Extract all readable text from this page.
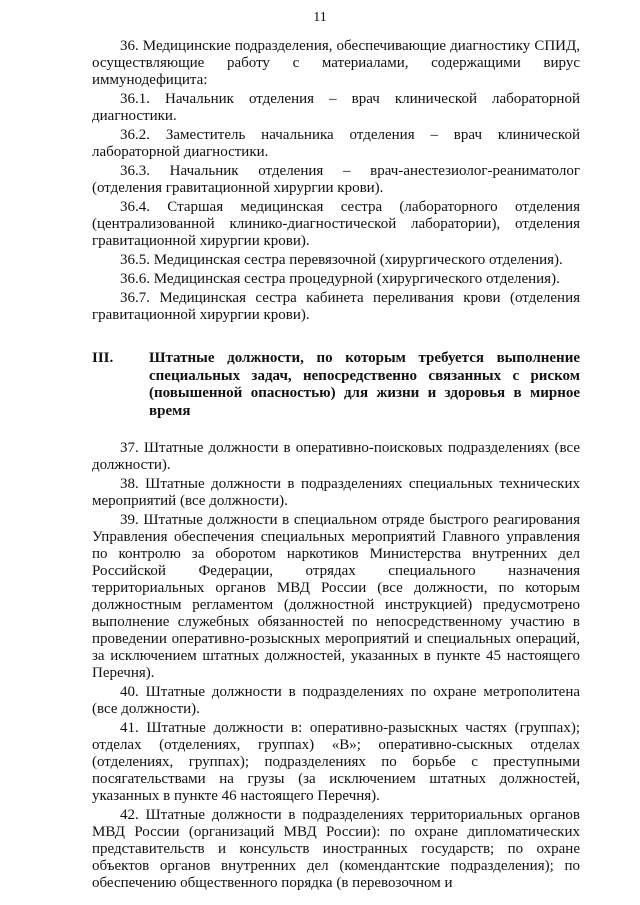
11

36. Медицинские подразделения, обеспечивающие диагностику СПИД, осуществляющие работу с материалами, содержащими вирус иммунодефицита:

36.1. Начальник отделения – врач клинической лабораторной диагностики.

36.2. Заместитель начальника отделения – врач клинической лабораторной диагностики.

36.3. Начальник отделения – врач-анестезиолог-реаниматолог (отделения гравитационной хирургии крови).

36.4. Старшая медицинская сестра (лабораторного отделения (централизованной клинико-диагностической лаборатории), отделения гравитационной хирургии крови).

36.5. Медицинская сестра перевязочной (хирургического отделения).

36.6. Медицинская сестра процедурной (хирургического отделения).

36.7. Медицинская сестра кабинета переливания крови (отделения гравитационной хирургии крови).

III. Штатные должности, по которым требуется выполнение специальных задач, непосредственно связанных с риском (повышенной опасностью) для жизни и здоровья в мирное время

37. Штатные должности в оперативно-поисковых подразделениях (все должности).

38. Штатные должности в подразделениях специальных технических мероприятий (все должности).

39. Штатные должности в специальном отряде быстрого реагирования Управления обеспечения специальных мероприятий Главного управления по контролю за оборотом наркотиков Министерства внутренних дел Российской Федерации, отрядах специального назначения территориальных органов МВД России (все должности, по которым должностным регламентом (должностной инструкцией) предусмотрено выполнение служебных обязанностей по непосредственному участию в проведении оперативно-розыскных мероприятий и специальных операций, за исключением штатных должностей, указанных в пункте 45 настоящего Перечня).

40. Штатные должности в подразделениях по охране метрополитена (все должности).

41. Штатные должности в: оперативно-разыскных частях (группах); отделах (отделениях, группах) «В»; оперативно-сыскных отделах (отделениях, группах); подразделениях по борьбе с преступными посягательствами на грузы (за исключением штатных должностей, указанных в пункте 46 настоящего Перечня).

42. Штатные должности в подразделениях территориальных органов МВД России (организаций МВД России): по охране дипломатических представительств и консульств иностранных государств; по охране объектов органов внутренних дел (комендантские подразделения); по обеспечению общественного порядка (в перевозочном и
